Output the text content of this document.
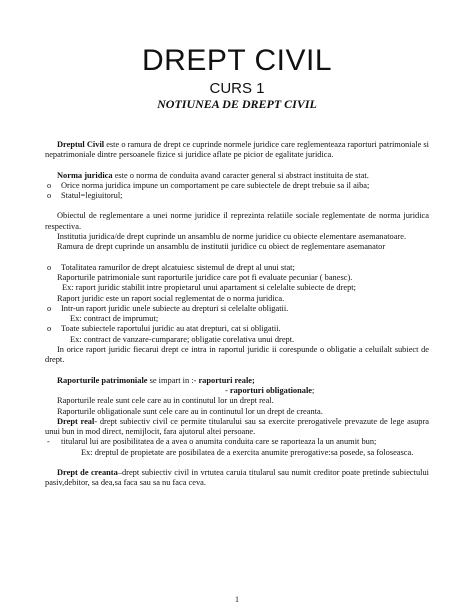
DREPT CIVIL
CURS 1
NOTIUNEA DE DREPT CIVIL

Dreptul Civil este o ramura de drept ce cuprinde normele juridice care reglementeaza raporturi patrimoniale si nepatrimoniale dintre persoanele fizice si juridice aflate pe picior de egalitate juridica.

Norma juridica este o norma de conduita avand caracter general si abstract instituita de stat.

o	Orice norma juridica impune un comportament pe care subiectele de drept trebuie sa il aiba;
o	Statul=legiuitorul;

Obiectul de reglementare a unei norme juridice il reprezinta relatiile sociale reglementate de norma juridica respectiva.

Institutia juridica/de drept cuprinde un ansamblu de norme juridice cu obiecte elementare asemanatoare.

Ramura de drept cuprinde un ansamblu de institutii juridice cu obiect de reglementare asemanator

o	Totalitatea ramurilor de drept alcatuiesc sistemul de drept al unui stat;

Raporturile patrimoniale sunt raporturile juridice care pot fi evaluate pecuniar ( banesc).

Ex: raport juridic stabilit intre propietarul unui apartament si celelalte subiecte de drept;

Raport juridic este un raport social reglementat de o norma juridica.

o	Intr-un raport juridic unele subiecte au drepturi si celelalte obligatii.

Ex: contract de imprumut;

o	Toate subiectele raportului juridic au atat drepturi, cat si obligatii.

Ex: contract de vanzare-cumparare; obligatie corelativa unui drept.

In orice raport juridic fiecarui drept ce intra in raportul juridic ii corespunde o obligatie a celuilalt subiect de drept.

Raporturile patrimoniale se impart in :- raporturi reale;

- raporturi obligationale;

Raporturile reale sunt cele care au in continutul lor un drept real.

Raporturile obligationale sunt cele care au in continutul lor un drept de creanta.

Drept real- drept subiectiv civil ce permite titularului sau sa exercite prerogativele prevazute de lege asupra unui bun in mod direct, nemijlocit, fara ajutorul altei persoane.

-	titularul lui are posibilitatea de a avea o anumita conduita care se raporteaza la un anumit bun;

Ex: dreptul de propietate are posibilatea de a exercita anumite prerogative:sa posede, sa foloseasca.

Drept de creanta–drept subiectiv civil in vrtutea caruia titularul sau numit creditor poate pretinde subiectului pasiv,debitor, sa dea,sa faca sau sa nu faca ceva.

1
